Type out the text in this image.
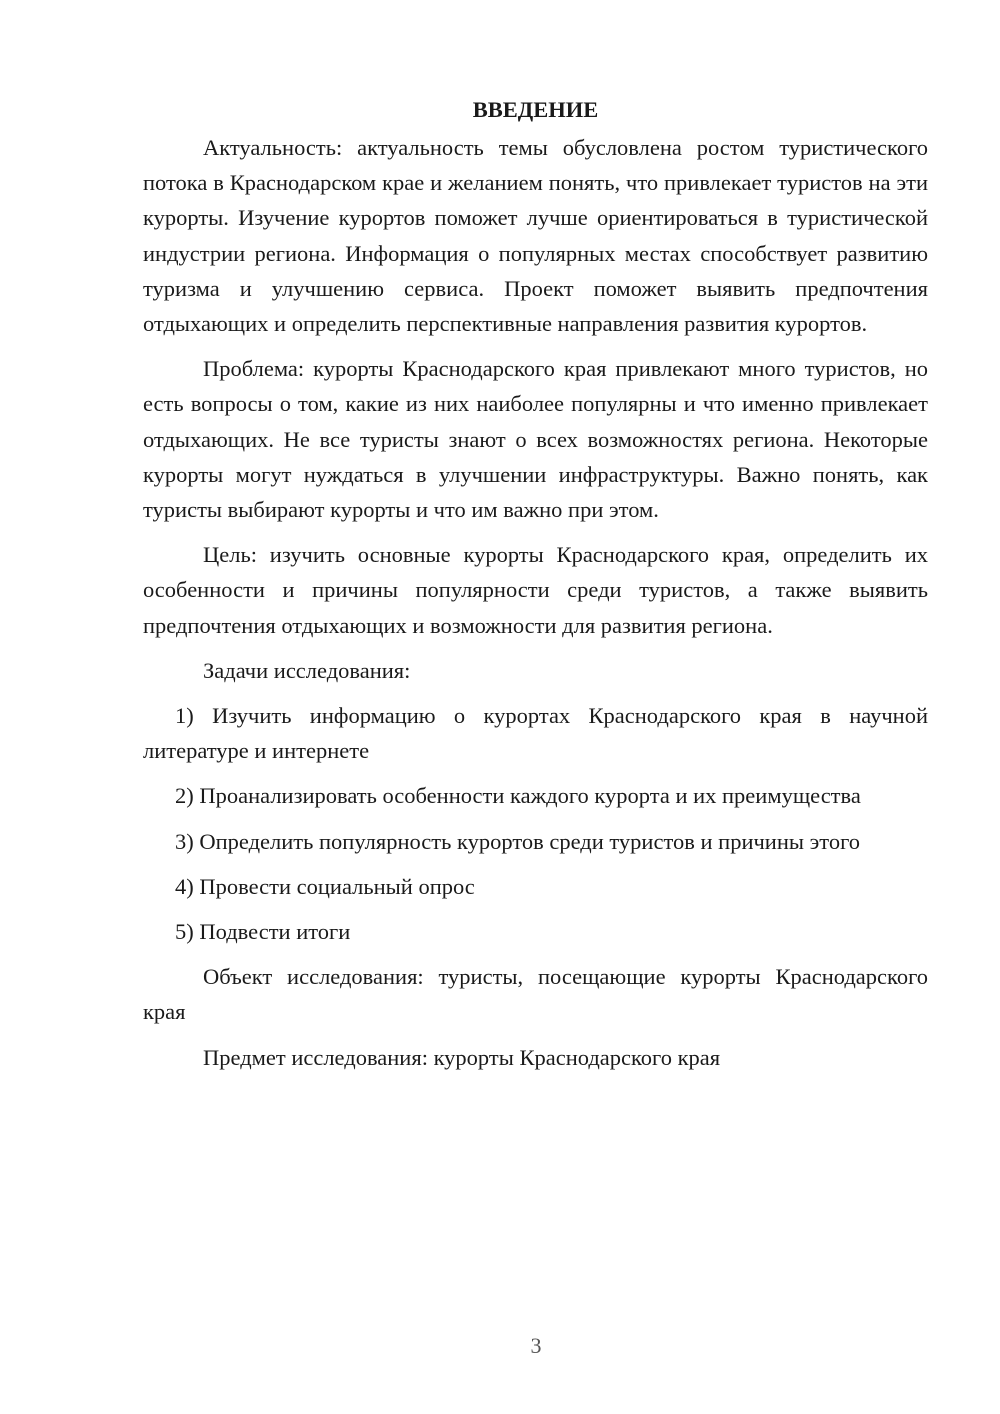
ВВЕДЕНИЕ

Актуальность: актуальность темы обусловлена ростом туристического потока в Краснодарском крае и желанием понять, что привлекает туристов на эти курорты. Изучение курортов поможет лучше ориентироваться в туристической индустрии региона. Информация о популярных местах способствует развитию туризма и улучшению сервиса. Проект поможет выявить предпочтения отдыхающих и определить перспективные направления развития курортов.

Проблема: курорты Краснодарского края привлекают много туристов, но есть вопросы о том, какие из них наиболее популярны и что именно привлекает отдыхающих. Не все туристы знают о всех возможностях региона. Некоторые курорты могут нуждаться в улучшении инфраструктуры. Важно понять, как туристы выбирают курорты и что им важно при этом.

Цель: изучить основные курорты Краснодарского края, определить их особенности и причины популярности среди туристов, а также выявить предпочтения отдыхающих и возможности для развития региона.

Задачи исследования:

1) Изучить информацию о курортах Краснодарского края в научной литературе и интернете

2) Проанализировать особенности каждого курорта и их преимущества

3) Определить популярность курортов среди туристов и причины этого

4) Провести социальный опрос

5) Подвести итоги

Объект исследования: туристы, посещающие курорты Краснодарского края

Предмет исследования: курорты Краснодарского края

3
